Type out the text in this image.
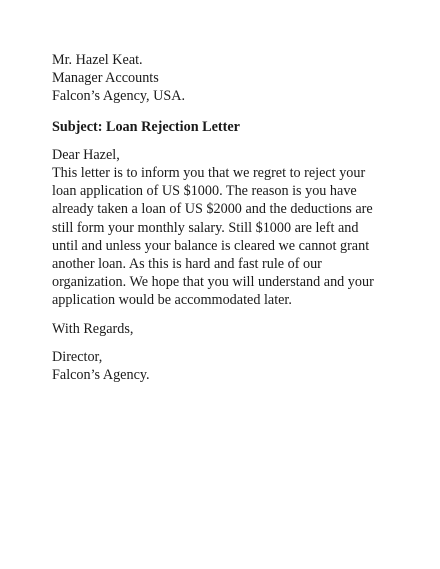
Mr. Hazel Keat.
Manager Accounts
Falcon’s Agency, USA.
Subject: Loan Rejection Letter
Dear Hazel,
This letter is to inform you that we regret to reject your
loan application of US $1000. The reason is you have
already taken a loan of US $2000 and the deductions are
still form your monthly salary. Still $1000 are left and
until and unless your balance is cleared we cannot grant
another loan. As this is hard and fast rule of our
organization. We hope that you will understand and your
application would be accommodated later.
With Regards,
Director,
Falcon’s Agency.
